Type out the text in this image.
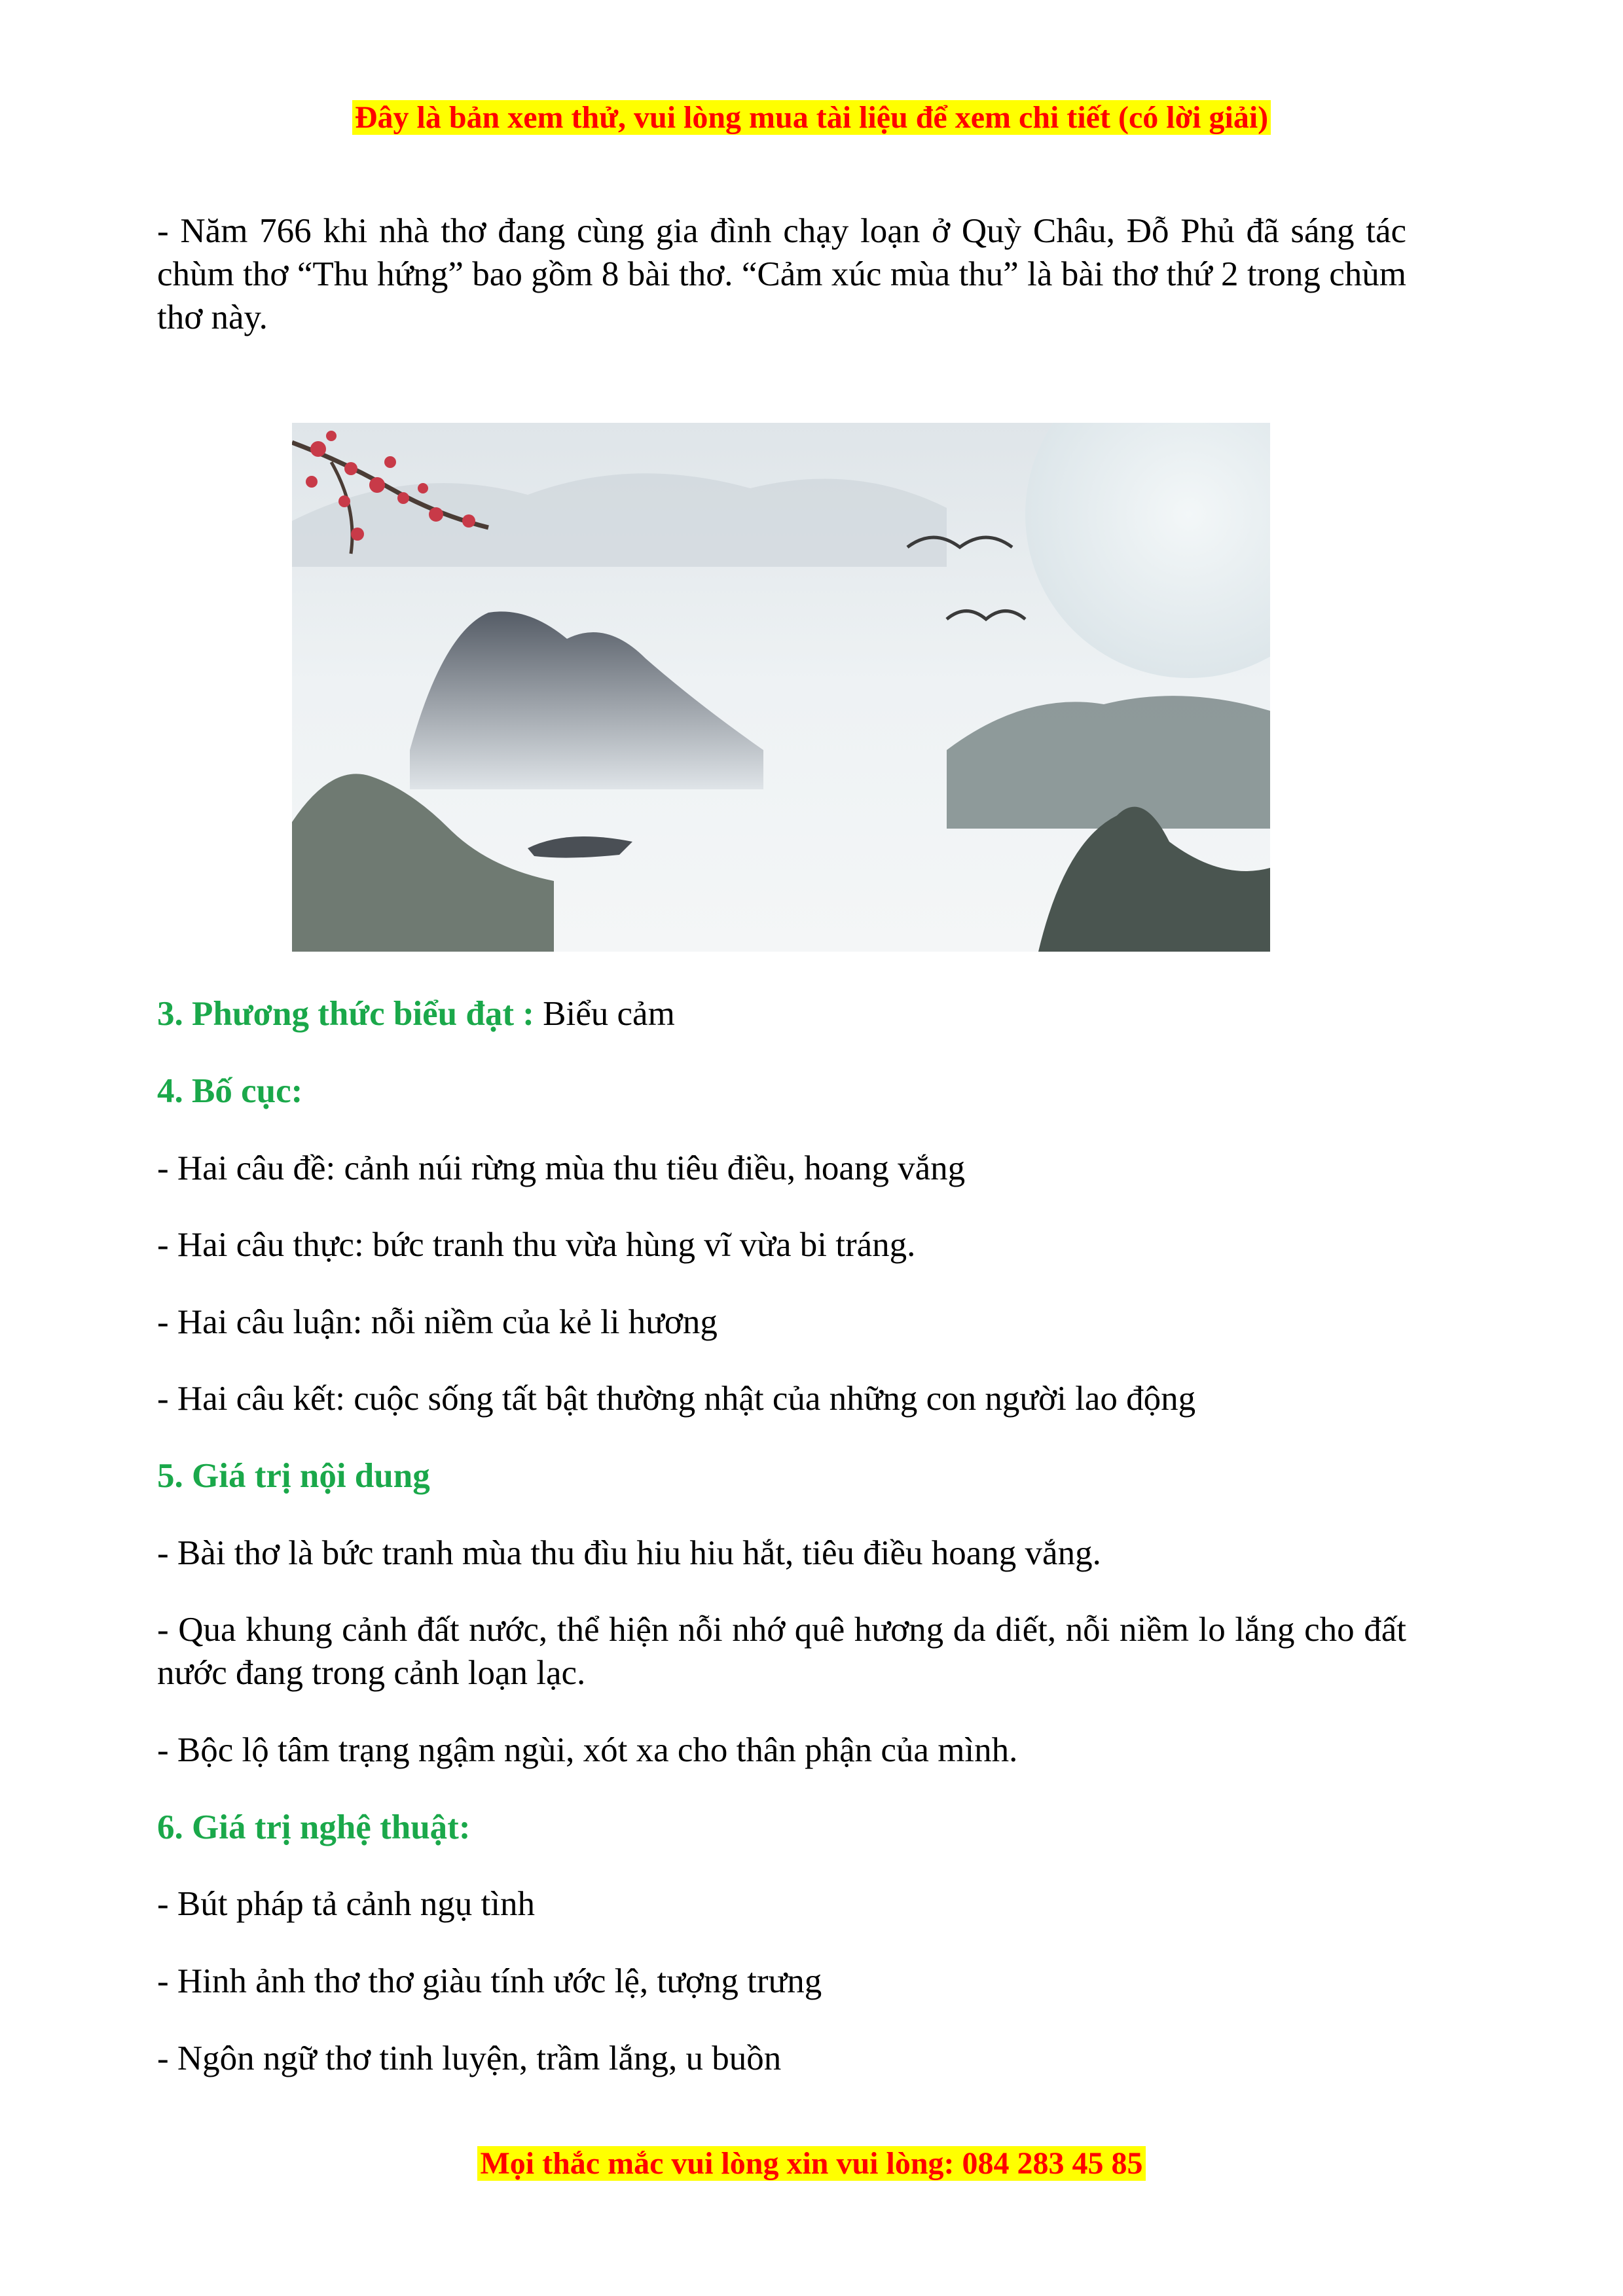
Đây là bản xem thử, vui lòng mua tài liệu để xem chi tiết (có lời giải)

- Năm 766 khi nhà thơ đang cùng gia đình chạy loạn ở Quỳ Châu, Đỗ Phủ đã sáng tác chùm thơ “Thu hứng” bao gồm 8 bài thơ. “Cảm xúc mùa thu” là bài thơ thứ 2 trong chùm thơ này.

3. Phương thức biểu đạt : Biểu cảm

4. Bố cục:

- Hai câu đề: cảnh núi rừng mùa thu tiêu điều, hoang vắng

- Hai câu thực: bức tranh thu vừa hùng vĩ vừa bi tráng.

- Hai câu luận: nỗi niềm của kẻ li hương

- Hai câu kết: cuộc sống tất bật thường nhật của những con người lao động

5. Giá trị nội dung

- Bài thơ là bức tranh mùa thu đìu hiu hiu hắt, tiêu điều hoang vắng.

- Qua khung cảnh đất nước, thể hiện nỗi nhớ quê hương da diết, nỗi niềm lo lắng cho đất nước đang trong cảnh loạn lạc.

- Bộc lộ tâm trạng ngậm ngùi, xót xa cho thân phận của mình.

6. Giá trị nghệ thuật:

- Bút pháp tả cảnh ngụ tình

- Hinh ảnh thơ thơ giàu tính ước lệ, tượng trưng

- Ngôn ngữ thơ tinh luyện, trầm lắng, u buồn

Mọi thắc mắc vui lòng xin vui lòng: 084 283 45 85
